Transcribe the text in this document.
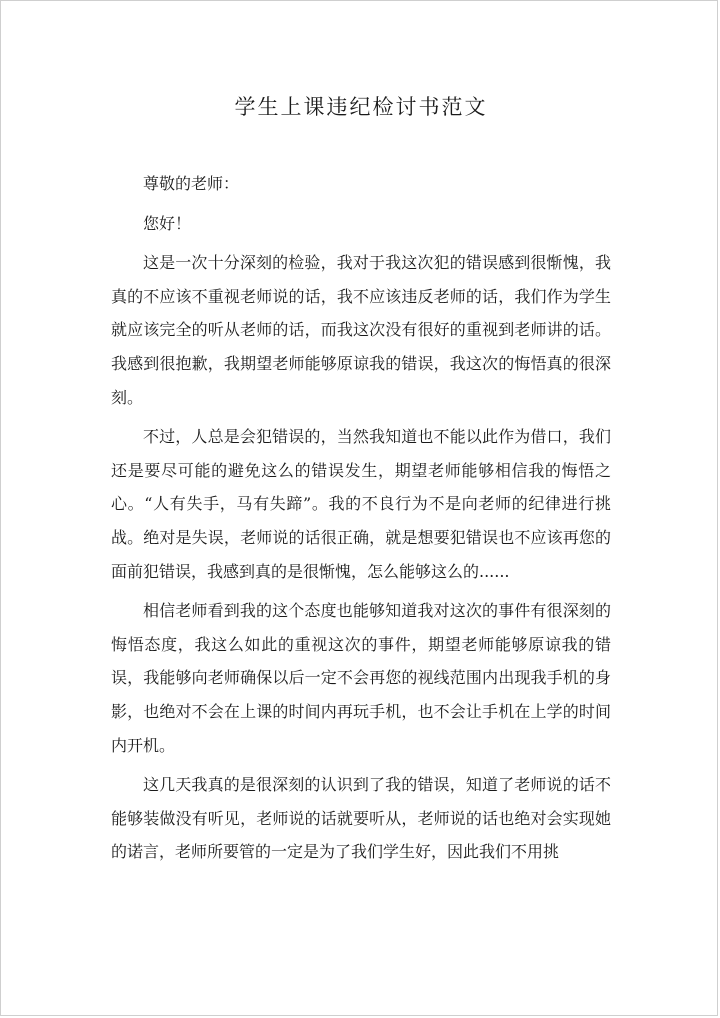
学生上课违纪检讨书范文

尊敬的老师：

您好！

这是一次十分深刻的检验，我对于我这次犯的错误感到很惭愧，我真的不应该不重视老师说的话，我不应该违反老师的话，我们作为学生就应该完全的听从老师的话，而我这次没有很好的重视到老师讲的话。我感到很抱歉，我期望老师能够原谅我的错误，我这次的悔悟真的很深刻。

不过，人总是会犯错误的，当然我知道也不能以此作为借口，我们还是要尽可能的避免这么的错误发生，期望老师能够相信我的悔悟之心。“人有失手，马有失蹄”。我的不良行为不是向老师的纪律进行挑战。绝对是失误，老师说的话很正确，就是想要犯错误也不应该再您的面前犯错误，我感到真的是很惭愧，怎么能够这么的......

相信老师看到我的这个态度也能够知道我对这次的事件有很深刻的悔悟态度，我这么如此的重视这次的事件，期望老师能够原谅我的错误，我能够向老师确保以后一定不会再您的视线范围内出现我手机的身影，也绝对不会在上课的时间内再玩手机，也不会让手机在上学的时间内开机。

这几天我真的是很深刻的认识到了我的错误，知道了老师说的话不能够装做没有听见，老师说的话就要听从，老师说的话也绝对会实现她的诺言，老师所要管的一定是为了我们学生好，因此我们不用挑
